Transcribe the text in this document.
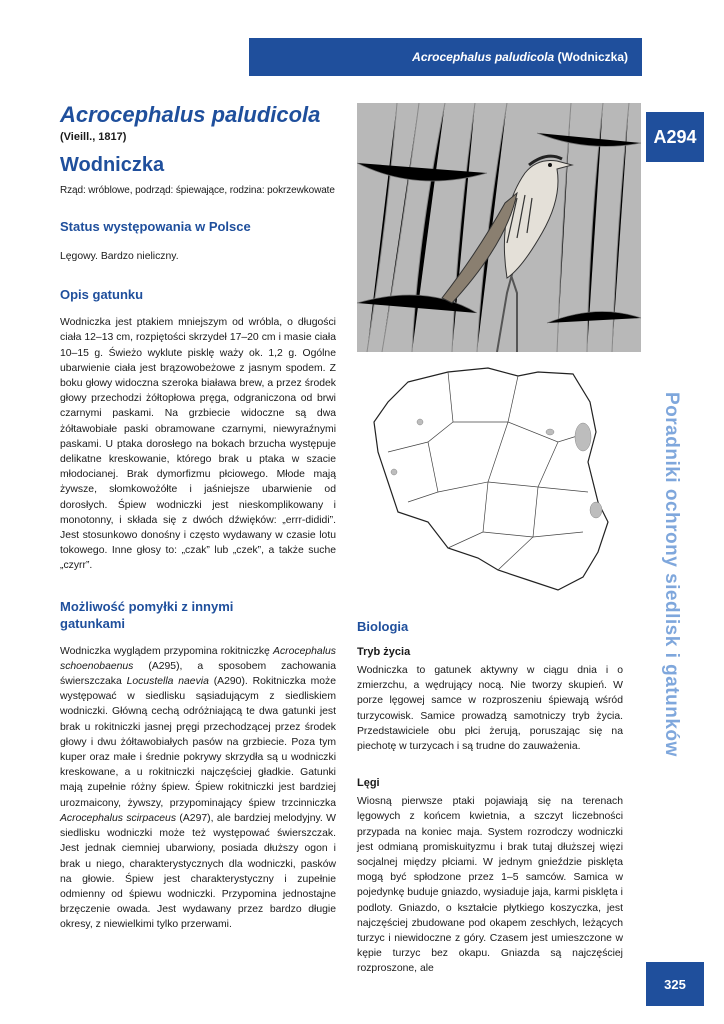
Acrocephalus paludicola
(Wodniczka)
A294
Poradniki ochrony siedlisk i gatunków
325
Acrocephalus paludicola
(Vieill., 1817)
Wodniczka
Rząd: wróblowe, podrząd: śpiewające, rodzina: pokrzewkowate
Status występowania w Polsce

Lęgowy. Bardzo nieliczny.

Opis gatunku

Wodniczka jest ptakiem mniejszym od wróbla, o długości ciała 12–13 cm, rozpiętości skrzydeł 17–20 cm i masie ciała 10–15 g. Świeżo wyklute pisklę waży ok. 1,2 g. Ogólne ubarwienie ciała jest brązowobeżowe z jasnym spodem. Z boku głowy widoczna szeroka biaława brew, a przez środek głowy przechodzi żółtopłowa pręga, odgraniczona od brwi czarnymi paskami. Na grzbiecie widoczne są dwa żółtawobiałe paski obramowane czarnymi, niewyraźnymi paskami. U ptaka dorosłego na bokach brzucha występuje delikatne kreskowanie, którego brak u ptaka w szacie młodocianej. Brak dymorfizmu płciowego. Młode mają żywsze, słomkowożółte i jaśniejsze ubarwienie od dorosłych. Śpiew wodniczki jest nieskomplikowany i monotonny, i składa się z dwóch dźwięków: „errr-dididi”. Jest stosunkowo donośny i często wydawany w czasie lotu tokowego. Inne głosy to: „czak” lub „czek”, a także suche „czyrr”.

Możliwość pomyłki z innymi gatunkami

Wodniczka wyglądem przypomina rokitniczkę Acrocephalus schoenobaenus (A295), a sposobem zachowania świerszczaka Locustella naevia (A290). Rokitniczka może występować w siedlisku sąsiadującym z siedliskiem wodniczki. Główną cechą odróżniającą te dwa gatunki jest brak u rokitniczki jasnej pręgi przechodzącej przez środek głowy i dwu żółtawobiałych pasów na grzbiecie. Poza tym kuper oraz małe i średnie pokrywy skrzydła są u wodniczki kreskowane, a u rokitniczki najczęściej gładkie. Gatunki mają zupełnie różny śpiew. Śpiew rokitniczki jest bardziej urozmaicony, żywszy, przypominający śpiew trzcinniczka Acrocephalus scirpaceus (A297), ale bardziej melodyjny. W siedlisku wodniczki może też występować świerszczak. Jest jednak ciemniej ubarwiony, posiada dłuższy ogon i brak u niego, charakterystycznych dla wodniczki, pasków na głowie. Śpiew jest charakterystyczny i zupełnie odmienny od śpiewu wodniczki. Przypomina jednostajne brzęczenie owada. Jest wydawany przez bardzo długie okresy, z niewielkimi tylko przerwami.

Biologia
Tryb życia

Wodniczka to gatunek aktywny w ciągu dnia i o zmierzchu, a wędrujący nocą. Nie tworzy skupień. W porze lęgowej samce w rozproszeniu śpiewają wśród turzycowisk. Samice prowadzą samotniczy tryb życia. Przedstawiciele obu płci żerują, poruszając się na piechotę w turzycach i są trudne do zauważenia.

Lęgi

Wiosną pierwsze ptaki pojawiają się na terenach lęgowych z końcem kwietnia, a szczyt liczebności przypada na koniec maja. System rozrodczy wodniczki jest odmianą promiskuityzmu i brak tutaj dłuższej więzi socjalnej między płciami. W jednym gnieździe pisklęta mogą być spłodzone przez 1–5 samców. Samica w pojedynkę buduje gniazdo, wysiaduje jaja, karmi pisklęta i podloty. Gniazdo, o kształcie płytkiego koszyczka, jest najczęściej zbudowane pod okapem zeschłych, leżących turzyc i niewidoczne z góry. Czasem jest umieszczone w kępie turzyc bez okapu. Gniazda są najczęściej rozproszone, ale
